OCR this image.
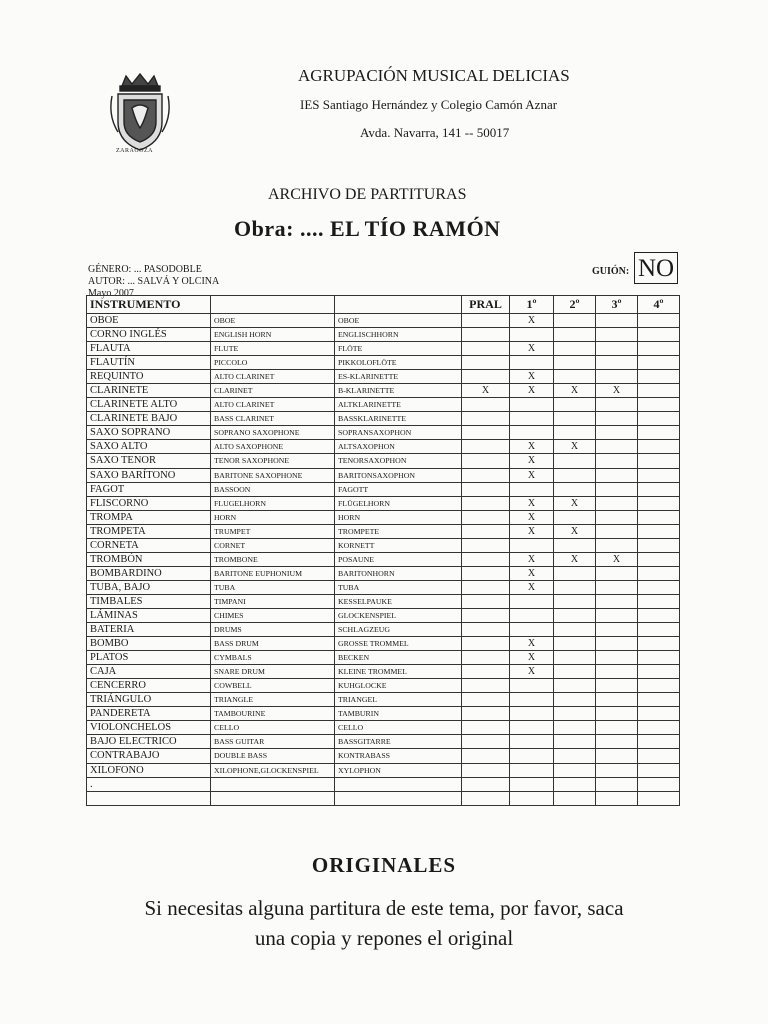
ZARAGOZA
AGRUPACIÓN MUSICAL DELICIAS
IES Santiago Hernández y Colegio Camón Aznar
Avda. Navarra, 141 -- 50017
ARCHIVO DE PARTITURAS
Obra: .... EL TÍO RAMÓN
GÉNERO: ... PASODOBLE
AUTOR: ... SALVÁ Y OLCINA
Mayo 2007
GUIÓN: NO
INSTRUMENTO			PRAL	1º	2º	3º	4º
OBOE	OBOE	OBOE		X			
CORNO INGLÉS	ENGLISH HORN	ENGLISCHHORN					
FLAUTA	FLUTE	FLÖTE		X			
FLAUTÍN	PICCOLO	PIKKOLOFLÖTE					
REQUINTO	ALTO CLARINET	ES-KLARINETTE		X			
CLARINETE	CLARINET	B-KLARINETTE	X	X	X	X	
CLARINETE ALTO	ALTO CLARINET	ALTKLARINETTE					
CLARINETE BAJO	BASS CLARINET	BASSKLARINETTE					
SAXO SOPRANO	SOPRANO SAXOPHONE	SOPRANSAXOPHON					
SAXO ALTO	ALTO SAXOPHONE	ALTSAXOPHON		X	X		
SAXO TENOR	TENOR SAXOPHONE	TENORSAXOPHON		X			
SAXO BARÍTONO	BARITONE SAXOPHONE	BARITONSAXOPHON		X			
FAGOT	BASSOON	FAGOTT					
FLISCORNO	FLUGELHORN	FLÜGELHORN		X	X		
TROMPA	HORN	HORN		X			
TROMPETA	TRUMPET	TROMPETE		X	X		
CORNETA	CORNET	KORNETT					
TROMBÓN	TROMBONE	POSAUNE		X	X	X	
BOMBARDINO	BARITONE EUPHONIUM	BARITONHORN		X			
TUBA, BAJO	TUBA	TUBA		X			
TIMBALES	TIMPANI	KESSELPAUKE					
LÁMINAS	CHIMES	GLOCKENSPIEL					
BATERIA	DRUMS	SCHLAGZEUG					
BOMBO	BASS DRUM	GROSSE TROMMEL		X			
PLATOS	CYMBALS	BECKEN		X			
CAJA	SNARE DRUM	KLEINE TROMMEL		X			
CENCERRO	COWBELL	KUHGLOCKE					
TRIÁNGULO	TRIANGLE	TRIANGEL					
PANDERETA	TAMBOURINE	TAMBURIN					
VIOLONCHELOS	CELLO	CELLO					
BAJO ELECTRICO	BASS GUITAR	BASSGITARRE					
CONTRABAJO	DOUBLE BASS	KONTRABASS					
XILOFONO	XILOPHONE,GLOCKENSPIEL	XYLOPHON					
.							

ORIGINALES
Si necesitas alguna partitura de este tema, por favor, saca
una copia y repones el original
